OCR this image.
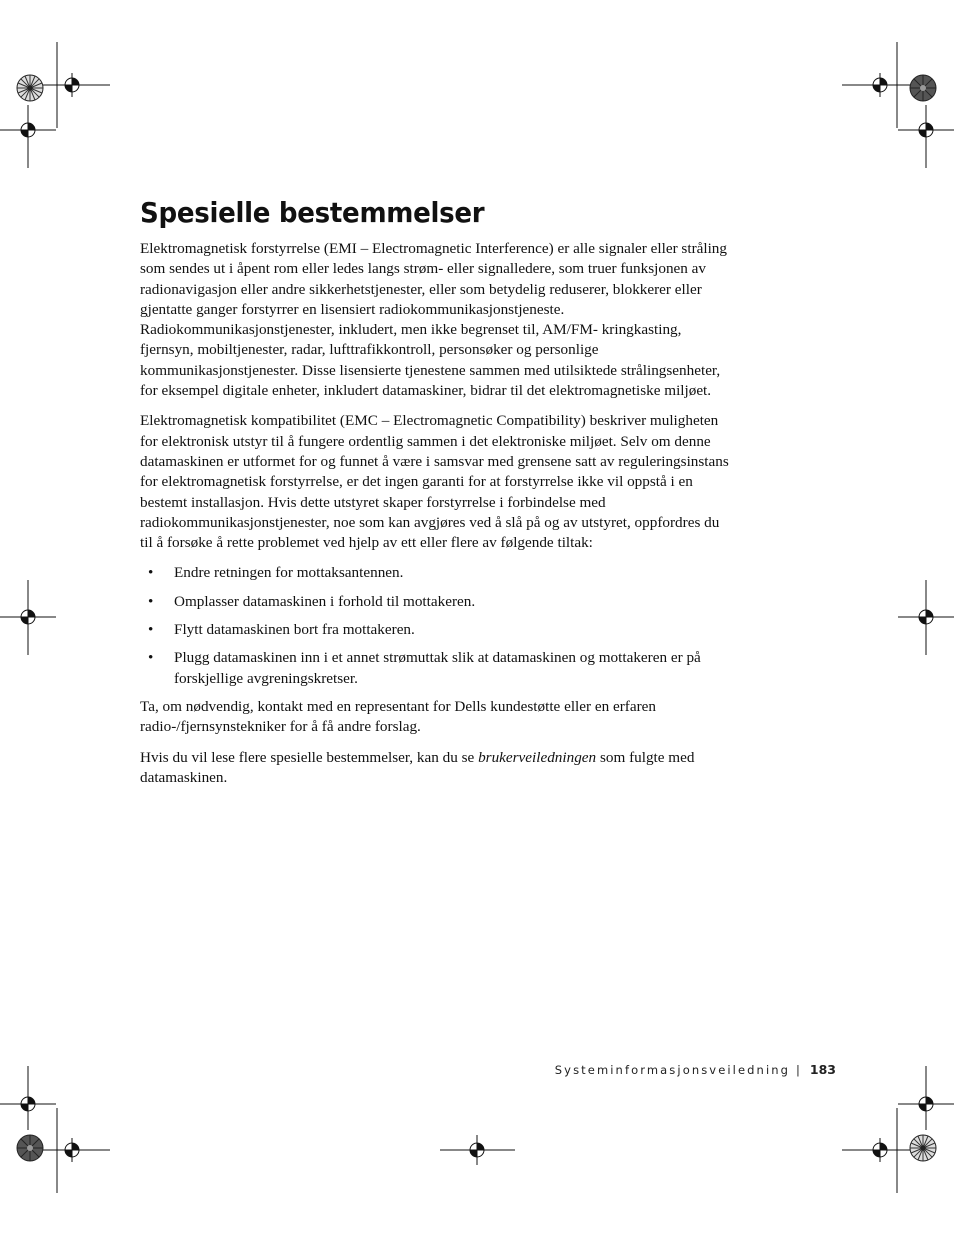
Spesielle bestemmelser

Elektromagnetisk forstyrrelse (EMI – Electromagnetic Interference) er alle signaler eller stråling som sendes ut i åpent rom eller ledes langs strøm- eller signalledere, som truer funksjonen av radionavigasjon eller andre sikkerhetstjenester, eller som betydelig reduserer, blokkerer eller gjentatte ganger forstyrrer en lisensiert radiokommunikasjonstjeneste. Radiokommunikasjonstjenester, inkludert, men ikke begrenset til, AM/FM- kringkasting, fjernsyn, mobiltjenester, radar, lufttrafikkontroll, personsøker og personlige kommunikasjonstjenester. Disse lisensierte tjenestene sammen med utilsiktede strålingsenheter, for eksempel digitale enheter, inkludert datamaskiner, bidrar til det elektromagnetiske miljøet.

Elektromagnetisk kompatibilitet (EMC – Electromagnetic Compatibility) beskriver muligheten for elektronisk utstyr til å fungere ordentlig sammen i det elektroniske miljøet. Selv om denne datamaskinen er utformet for og funnet å være i samsvar med grensene satt av reguleringsinstans for elektromagnetisk forstyrrelse, er det ingen garanti for at forstyrrelse ikke vil oppstå i en bestemt installasjon. Hvis dette utstyret skaper forstyrrelse i forbindelse med radiokommunikasjonstjenester, noe som kan avgjøres ved å slå på og av utstyret, oppfordres du til å forsøke å rette problemet ved hjelp av ett eller flere av følgende tiltak:

• Endre retningen for mottaksantennen.
• Omplasser datamaskinen i forhold til mottakeren.
• Flytt datamaskinen bort fra mottakeren.
• Plugg datamaskinen inn i et annet strømuttak slik at datamaskinen og mottakeren er på forskjellige avgreningskretser.

Ta, om nødvendig, kontakt med en representant for Dells kundestøtte eller en erfaren radio-/fjernsynstekniker for å få andre forslag.

Hvis du vil lese flere spesielle bestemmelser, kan du se brukerveiledningen som fulgte med datamaskinen.

Systeminformasjonsveiledning | 183
